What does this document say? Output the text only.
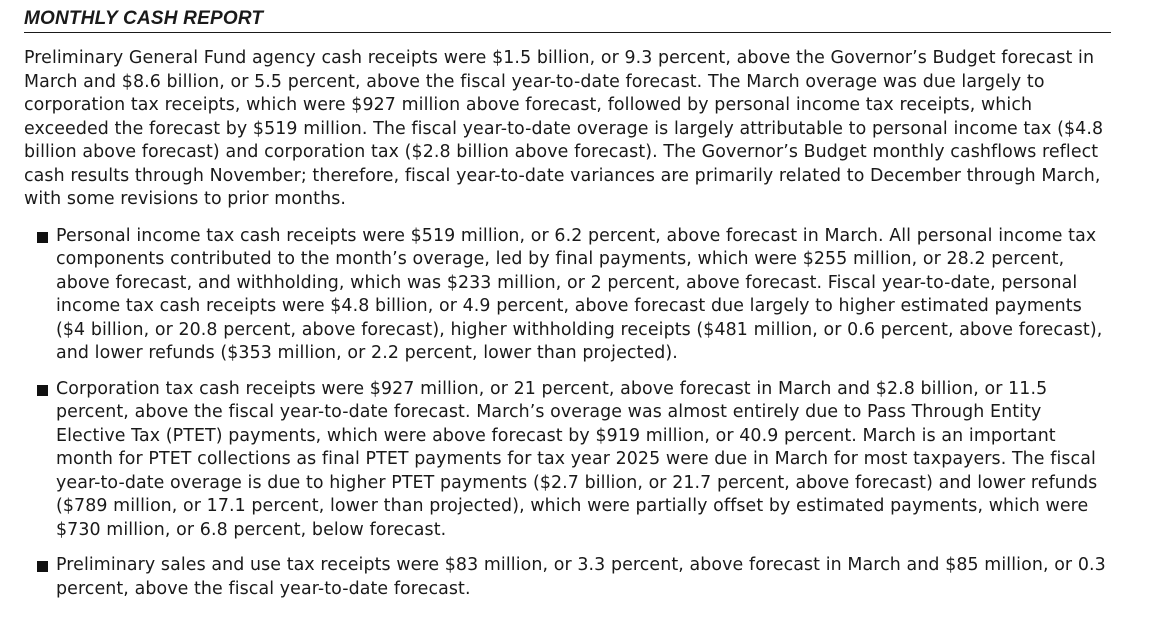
MONTHLY CASH REPORT

Preliminary General Fund agency cash receipts were $1.5 billion, or 9.3 percent, above the Governor’s Budget forecast in March and $8.6 billion, or 5.5 percent, above the fiscal year-to-date forecast. The March overage was due largely to corporation tax receipts, which were $927 million above forecast, followed by personal income tax receipts, which exceeded the forecast by $519 million. The fiscal year-to-date overage is largely attributable to personal income tax ($4.8 billion above forecast) and corporation tax ($2.8 billion above forecast). The Governor’s Budget monthly cashflows reflect cash results through November; therefore, fiscal year-to-date variances are primarily related to December through March, with some revisions to prior months.

Personal income tax cash receipts were $519 million, or 6.2 percent, above forecast in March. All personal income tax components contributed to the month’s overage, led by final payments, which were $255 million, or 28.2 percent, above forecast, and withholding, which was $233 million, or 2 percent, above forecast. Fiscal year-to-date, personal income tax cash receipts were $4.8 billion, or 4.9 percent, above forecast due largely to higher estimated payments ($4 billion, or 20.8 percent, above forecast), higher withholding receipts ($481 million, or 0.6 percent, above forecast), and lower refunds ($353 million, or 2.2 percent, lower than projected).
Corporation tax cash receipts were $927 million, or 21 percent, above forecast in March and $2.8 billion, or 11.5 percent, above the fiscal year-to-date forecast. March’s overage was almost entirely due to Pass Through Entity Elective Tax (PTET) payments, which were above forecast by $919 million, or 40.9 percent. March is an important month for PTET collections as final PTET payments for tax year 2025 were due in March for most taxpayers. The fiscal year-to-date overage is due to higher PTET payments ($2.7 billion, or 21.7 percent, above forecast) and lower refunds ($789 million, or 17.1 percent, lower than projected), which were partially offset by estimated payments, which were $730 million, or 6.8 percent, below forecast.
Preliminary sales and use tax receipts were $83 million, or 3.3 percent, above forecast in March and $85 million, or 0.3 percent, above the fiscal year-to-date forecast.
